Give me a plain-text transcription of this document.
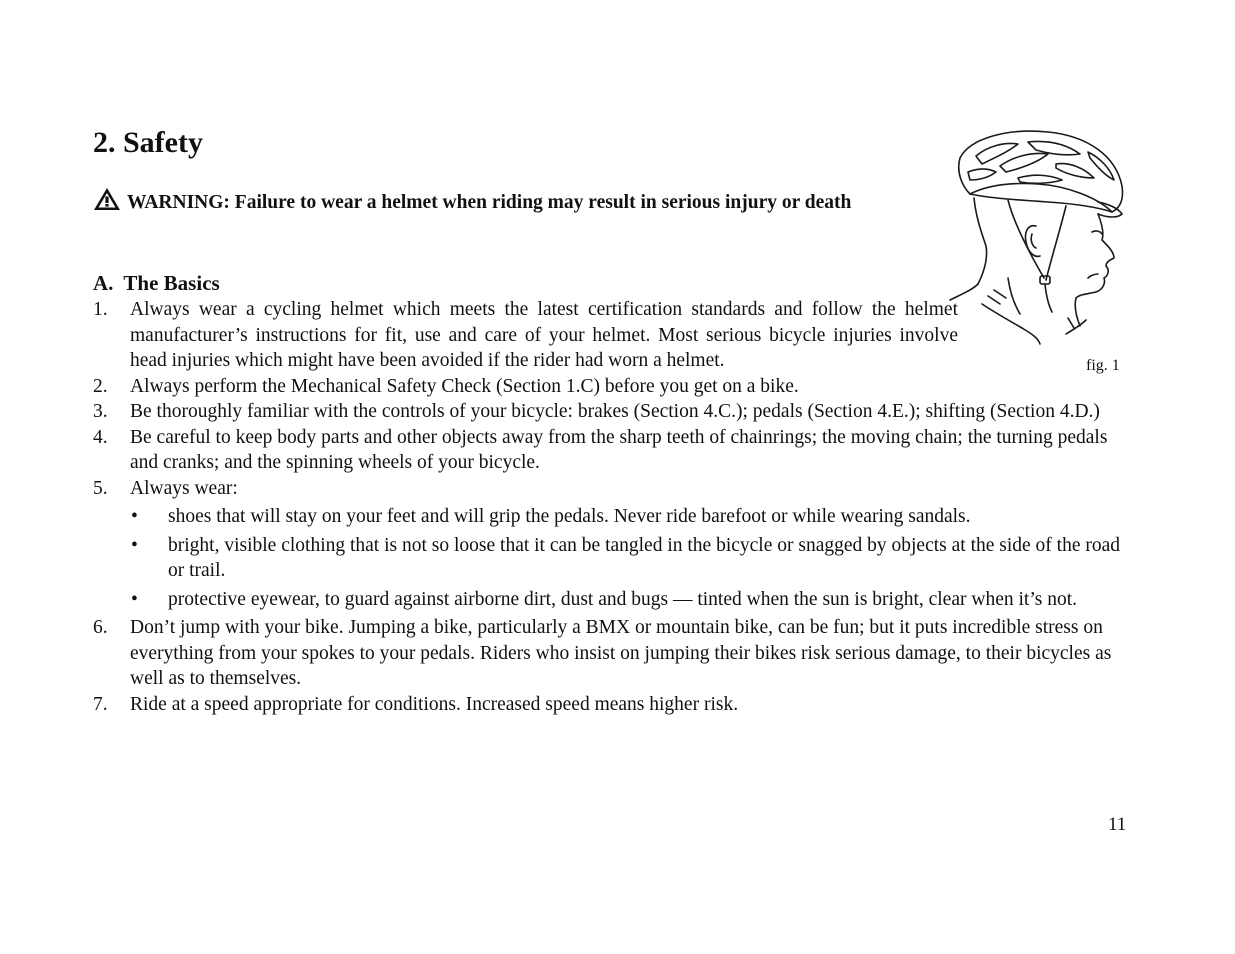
2. Safety
WARNING: Failure to wear a helmet when riding may result in serious injury or death
A. The Basics
1. Always wear a cycling helmet which meets the latest certification standards and follow the helmet manufacturer’s instructions for fit, use and care of your helmet. Most serious bicycle injuries involve head injuries which might have been avoided if the rider had worn a helmet.
2. Always perform the Mechanical Safety Check (Section 1.C) before you get on a bike.
3. Be thoroughly familiar with the controls of your bicycle: brakes (Section 4.C.); pedals (Section 4.E.); shifting (Section 4.D.)
4. Be careful to keep body parts and other objects away from the sharp teeth of chainrings; the moving chain; the turning pedals and cranks; and the spinning wheels of your bicycle.
5. Always wear:
• shoes that will stay on your feet and will grip the pedals. Never ride barefoot or while wearing sandals.
• bright, visible clothing that is not so loose that it can be tangled in the bicycle or snagged by objects at the side of the road or trail.
• protective eyewear, to guard against airborne dirt, dust and bugs — tinted when the sun is bright, clear when it’s not.
6. Don’t jump with your bike. Jumping a bike, particularly a BMX or mountain bike, can be fun; but it puts incredible stress on everything from your spokes to your pedals. Riders who insist on jumping their bikes risk serious damage, to their bicycles as well as to themselves.
7. Ride at a speed appropriate for conditions. Increased speed means higher risk.
fig. 1
11
